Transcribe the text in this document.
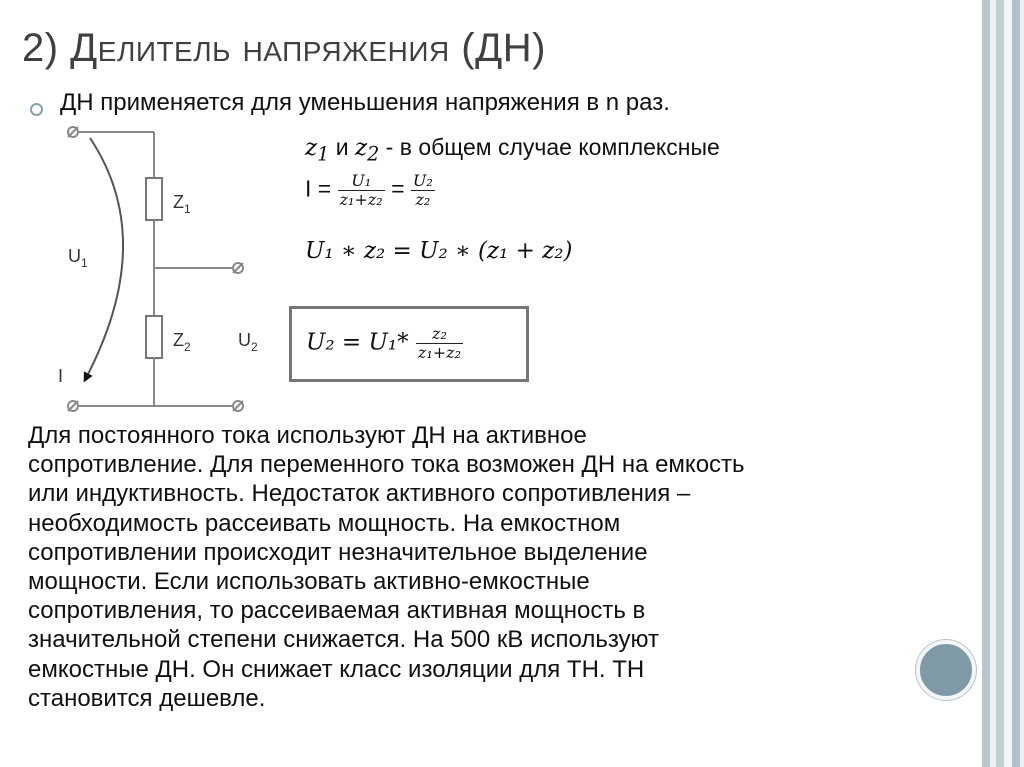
2) Делитель напряжения (ДН)
ДН применяется для уменьшения напряжения в n раз.
$Z_1$
$Z_2$
$U_1$
$U_2$
I
$z_1$ и $z_2$ - в общем случае комплексные
$I = \frac{\text{U₁}}{\text{z₁+z₂}} = \frac{\text{U₂}}{\text{z₂}}$
U₁ ∗ z₂ = U₂ ∗ (z₁ + z₂)
$U_2 = U_1* \frac{\text{z₂}}{\text{z₁+z₂}}$
Для постоянного тока используют ДН на активное
сопротивление. Для переменного тока возможен ДН на емкость
или индуктивность. Недостаток активного сопротивления –
необходимость рассеивать мощность. На емкостном
сопротивлении происходит незначительное выделение
мощности. Если использовать активно-емкостные
сопротивления, то рассеиваемая активная мощность в
значительной степени снижается. На 500 кВ используют
емкостные ДН. Он снижает класс изоляции для ТН. ТН
становится дешевле.
